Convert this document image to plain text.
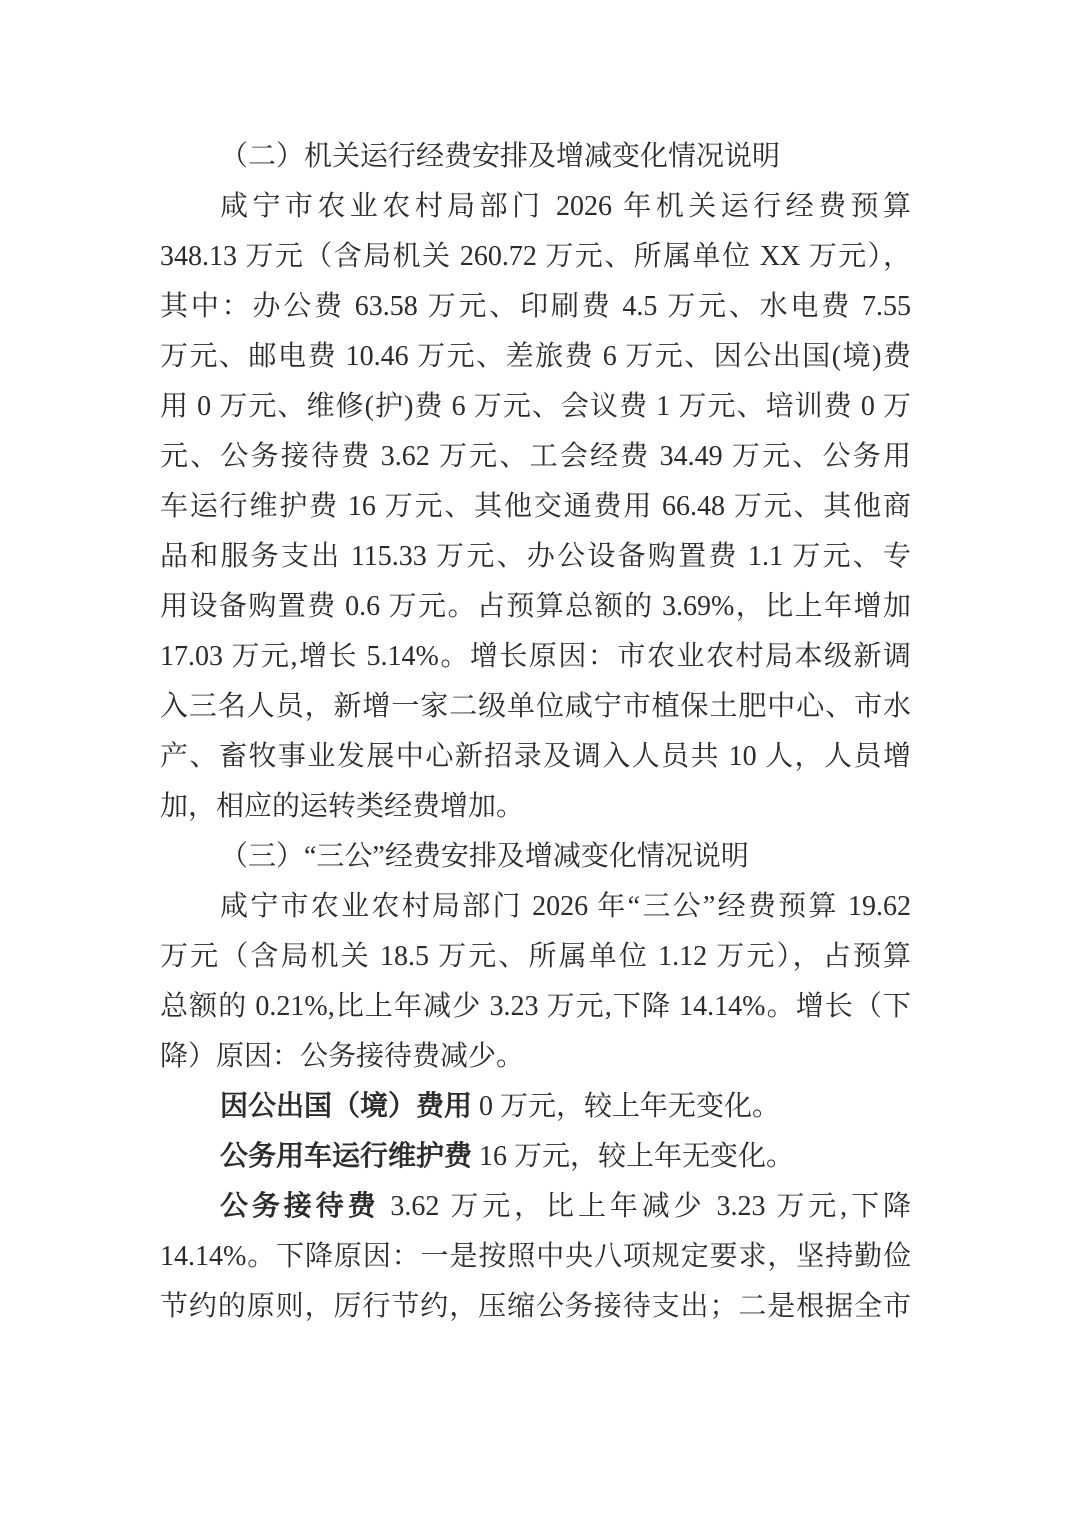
（二）机关运行经费安排及增减变化情况说明
咸宁市农业农村局部门 2026 年机关运行经费预算
348.13 万元（含局机关 260.72 万元、所属单位 XX 万元），
其中：办公费 63.58 万元、印刷费 4.5 万元、水电费 7.55
万元、邮电费 10.46 万元、差旅费 6 万元、因公出国(境)费
用 0 万元、维修(护)费 6 万元、会议费 1 万元、培训费 0 万
元、公务接待费 3.62 万元、工会经费 34.49 万元、公务用
车运行维护费 16 万元、其他交通费用 66.48 万元、其他商
品和服务支出 115.33 万元、办公设备购置费 1.1 万元、专
用设备购置费 0.6 万元。占预算总额的 3.69%，比上年增加
17.03 万元,增长 5.14%。增长原因：市农业农村局本级新调
入三名人员，新增一家二级单位咸宁市植保土肥中心、市水
产、畜牧事业发展中心新招录及调入人员共 10 人，人员增
加，相应的运转类经费增加。
（三）“三公”经费安排及增减变化情况说明
咸宁市农业农村局部门 2026 年“三公”经费预算 19.62
万元（含局机关 18.5 万元、所属单位 1.12 万元），占预算
总额的 0.21%,比上年减少 3.23 万元,下降 14.14%。增长（下
降）原因：公务接待费减少。
因公出国（境）费用 0 万元，较上年无变化。
公务用车运行维护费 16 万元，较上年无变化。
公务接待费 3.62 万元，比上年减少 3.23 万元,下降
14.14%。下降原因：一是按照中央八项规定要求，坚持勤俭
节约的原则，厉行节约，压缩公务接待支出；二是根据全市
